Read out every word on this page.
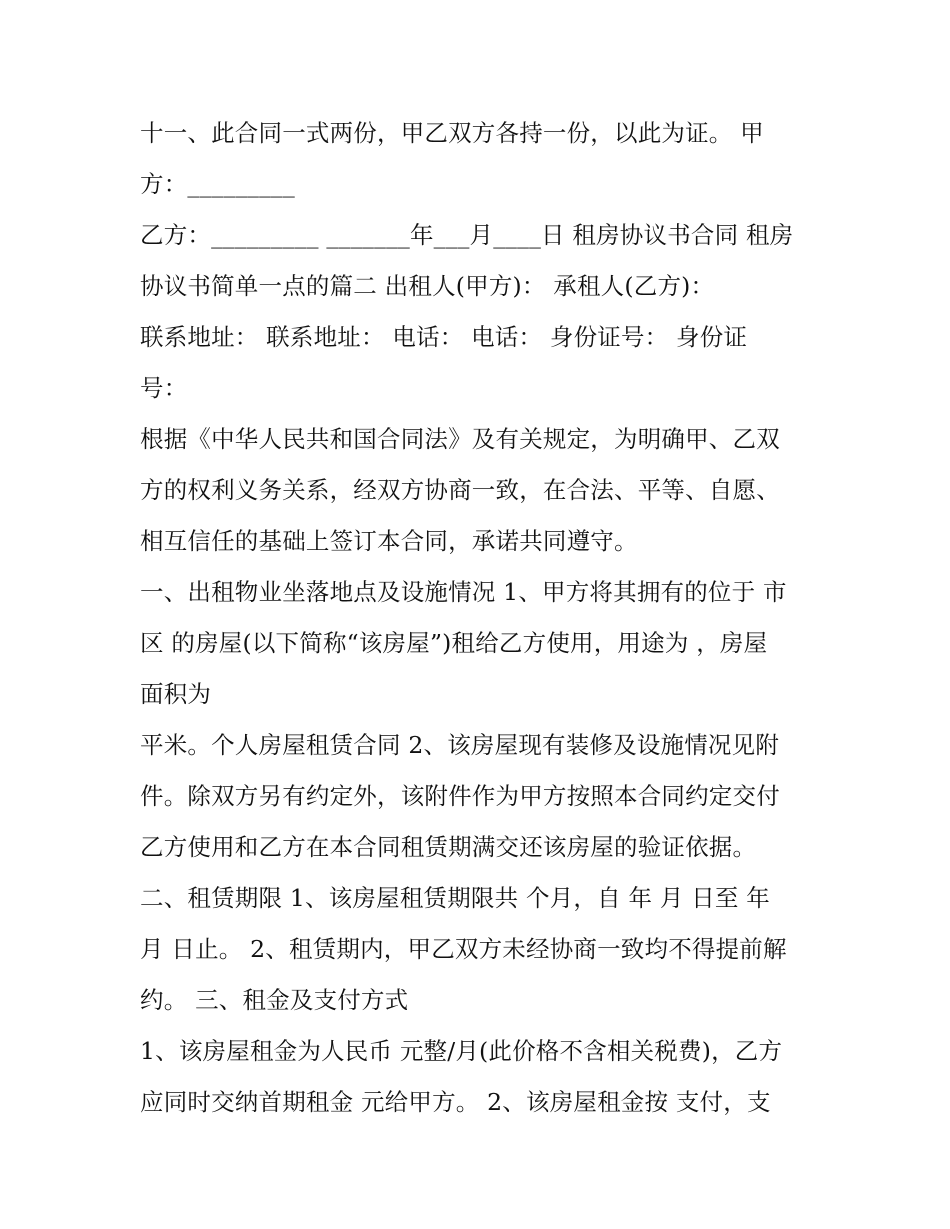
十一、此合同一式两份，甲乙双方各持一份，以此为证。 甲
方：_________
乙方：_________ _______年___月____日 租房协议书合同 租房
协议书简单一点的篇二 出租人(甲方)： 承租人(乙方)：
联系地址： 联系地址： 电话： 电话： 身份证号： 身份证
号：
根据《中华人民共和国合同法》及有关规定，为明确甲、乙双
方的权利义务关系，经双方协商一致，在合法、平等、自愿、
相互信任的基础上签订本合同，承诺共同遵守。
一、出租物业坐落地点及设施情况 1、甲方将其拥有的位于 市
区 的房屋(以下简称“该房屋”)租给乙方使用，用途为 ，房屋
面积为
平米。个人房屋租赁合同 2、该房屋现有装修及设施情况见附
件。除双方另有约定外，该附件作为甲方按照本合同约定交付
乙方使用和乙方在本合同租赁期满交还该房屋的验证依据。
二、租赁期限 1、该房屋租赁期限共 个月，自 年 月 日至 年
月 日止。 2、租赁期内，甲乙双方未经协商一致均不得提前解
约。 三、租金及支付方式
1、该房屋租金为人民币 元整/月(此价格不含相关税费)，乙方
应同时交纳首期租金 元给甲方。 2、该房屋租金按 支付，支
